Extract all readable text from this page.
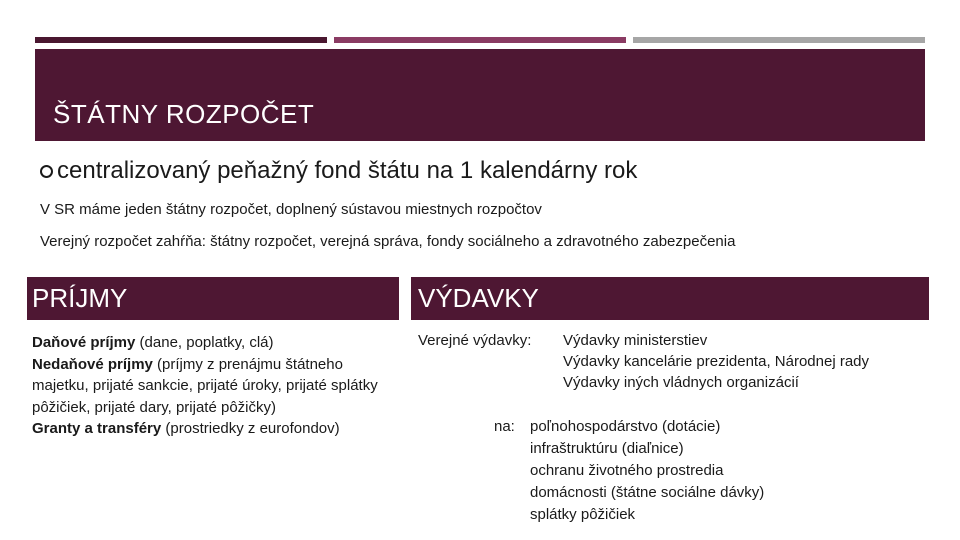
ŠTÁTNY ROZPOČET
centralizovaný peňažný fond štátu na 1 kalendárny rok
V SR máme jeden štátny rozpočet, doplnený sústavou miestnych rozpočtov
Verejný rozpočet zahŕňa: štátny rozpočet, verejná správa, fondy sociálneho a zdravotného zabezpečenia
PRÍJMY	VÝDAVKY
Daňové príjmy (dane, poplatky, clá)
Nedaňové príjmy (príjmy z prenájmu štátneho majetku, prijaté sankcie, prijaté úroky, prijaté splátky pôžičiek, prijaté dary, prijaté pôžičky)
Granty a transféry (prostriedky z eurofondov)
Verejné výdavky: Výdavky ministerstiev
Výdavky kancelárie prezidenta, Národnej rady
Výdavky iných vládnych organizácií
na: poľnohospodárstvo (dotácie)
infraštruktúru (diaľnice)
ochranu životného prostredia
domácnosti (štátne sociálne dávky)
splátky pôžičiek
